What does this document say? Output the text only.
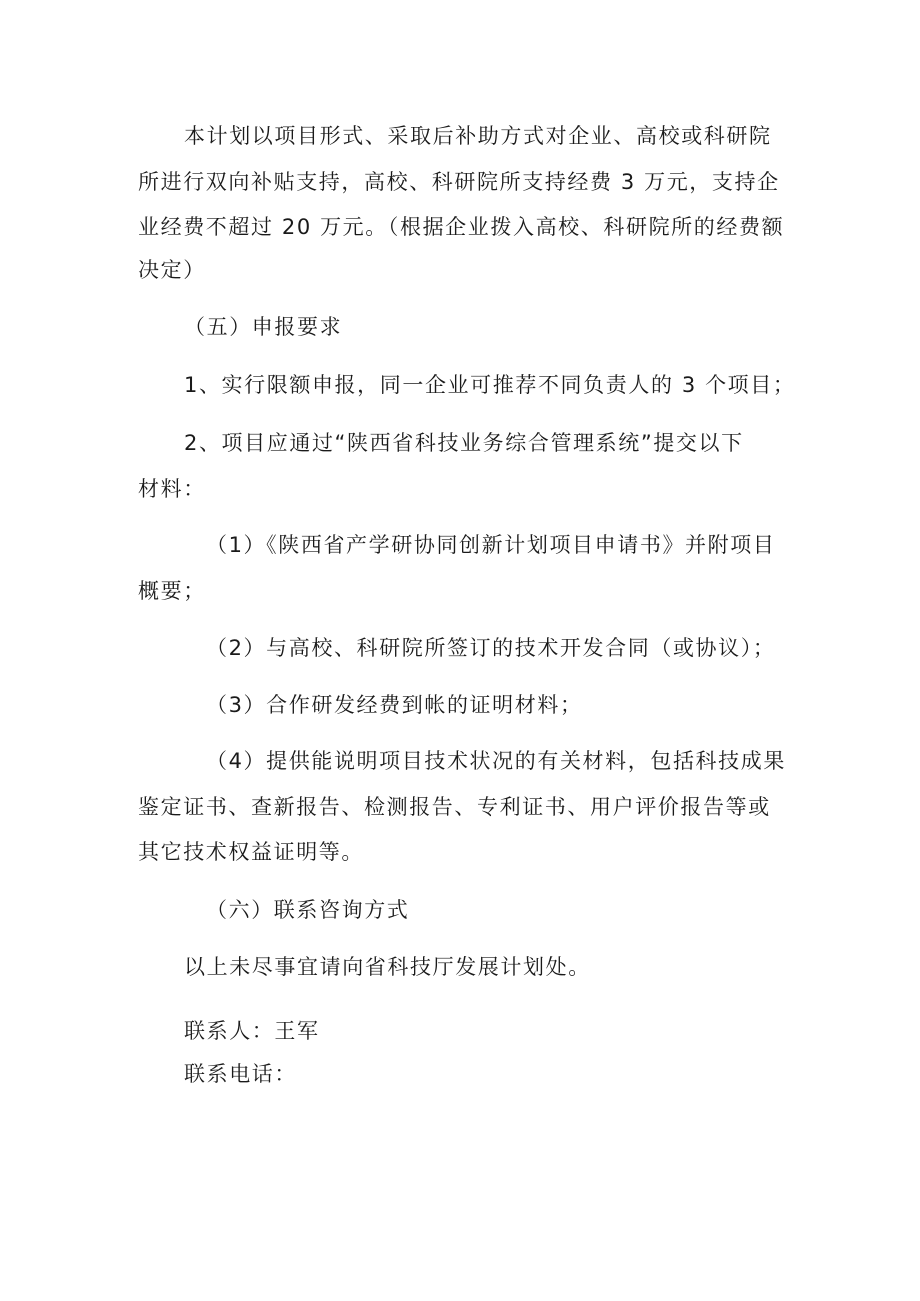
本计划以项目形式、采取后补助方式对企业、高校或科研院
所进行双向补贴支持，高校、科研院所支持经费 3 万元，支持企
业经费不超过 20 万元。（根据企业拨入高校、科研院所的经费额
决定）
（五）申报要求
1、实行限额申报，同一企业可推荐不同负责人的 3 个项目；
2、项目应通过“陕西省科技业务综合管理系统”提交以下
材料：
（1）《陕西省产学研协同创新计划项目申请书》并附项目
概要；
（2）与高校、科研院所签订的技术开发合同（或协议）；
（3）合作研发经费到帐的证明材料；
（4）提供能说明项目技术状况的有关材料，包括科技成果
鉴定证书、查新报告、检测报告、专利证书、用户评价报告等或
其它技术权益证明等。
（六）联系咨询方式
以上未尽事宜请向省科技厅发展计划处。
联系人：王军
联系电话：
